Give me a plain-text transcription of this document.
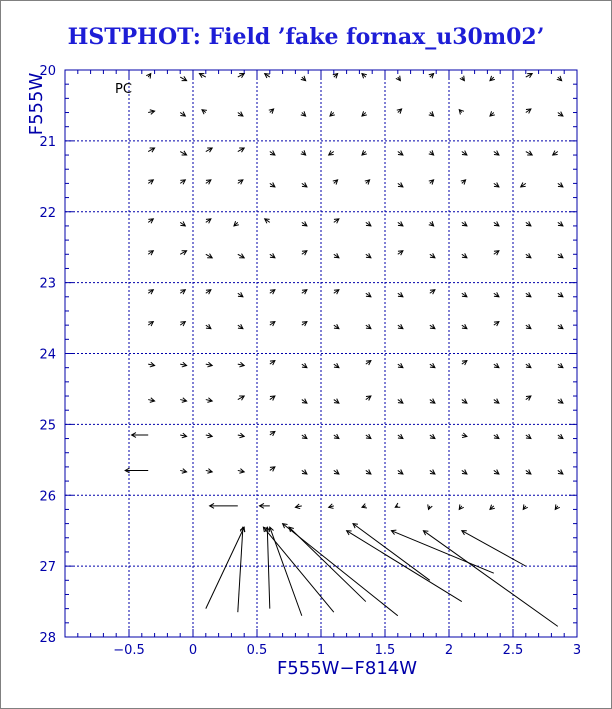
−0.5	0	0.5	1	1.5	2	2.5	3
20
21
22
23
24
25
26
27
28
PC
F555W−F814W
F555W
HSTPHOT: Field ’fake fornax_u30m02’
